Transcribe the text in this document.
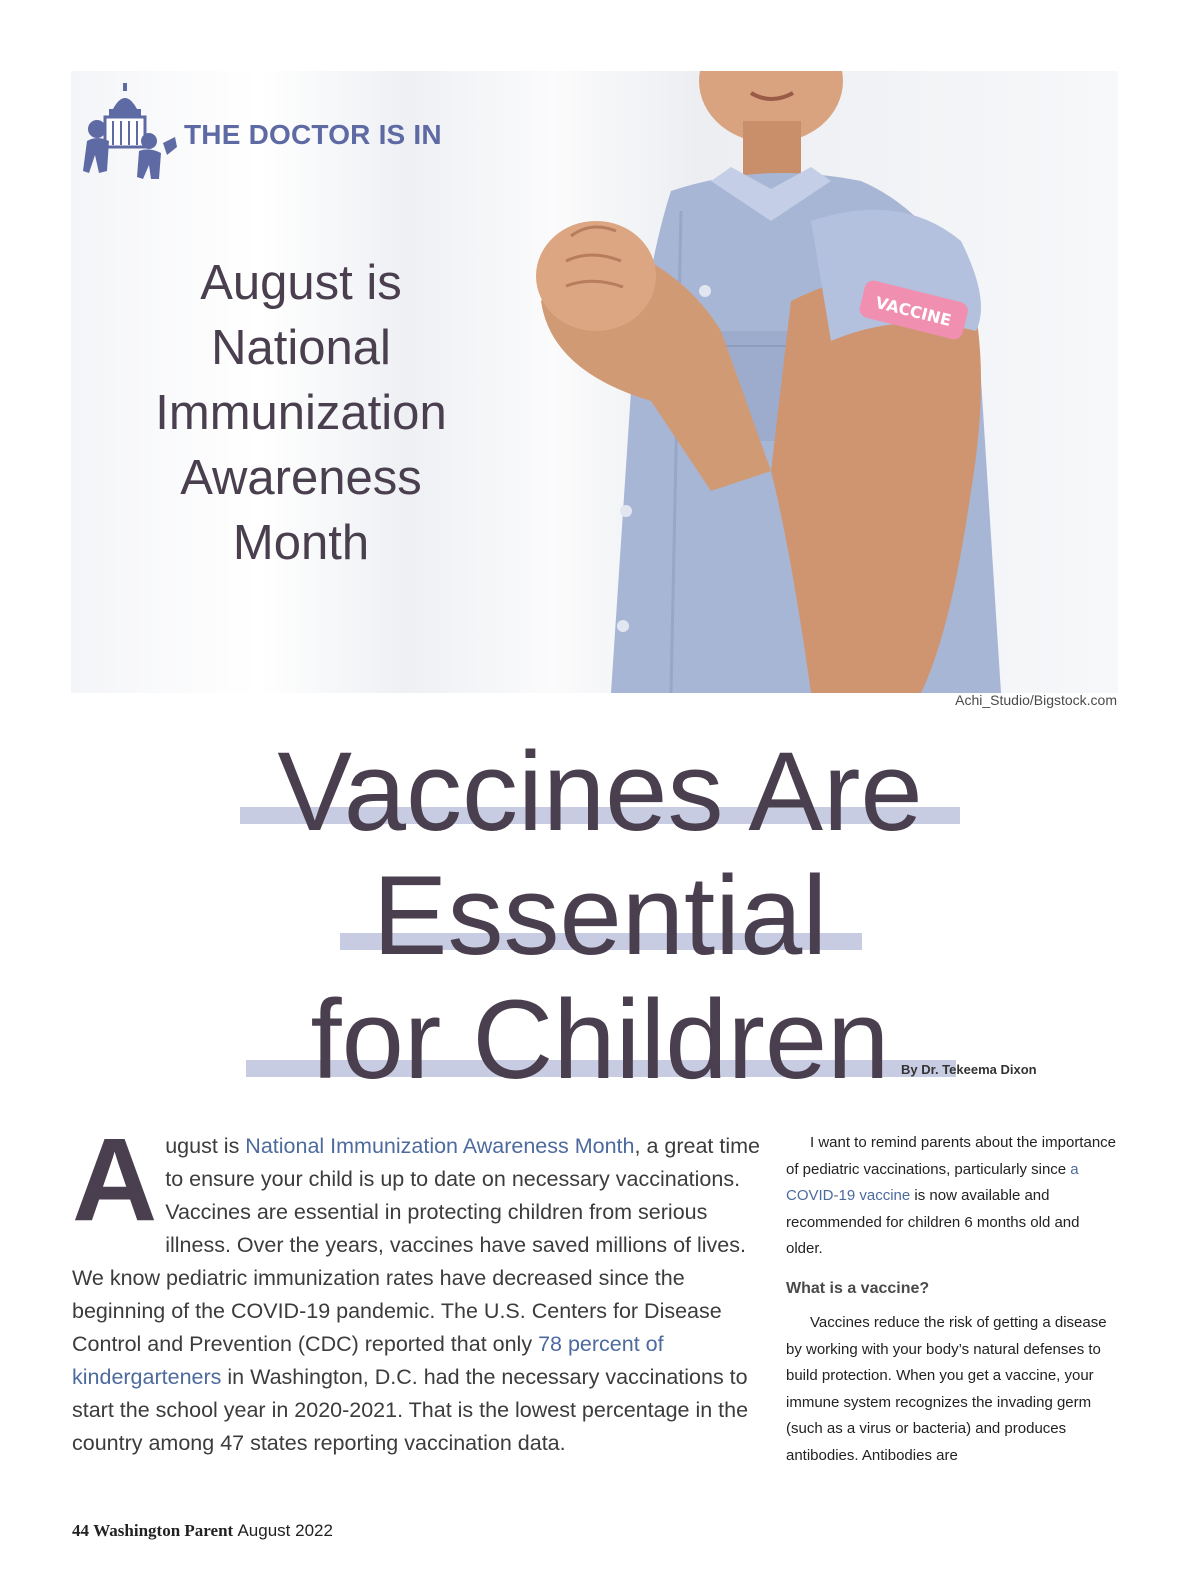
VACCINE
THE DOCTOR IS IN

August is
National
Immunization
Awareness
Month

Achi_Studio/Bigstock.com
Vaccines Are
Essential
for Children By Dr. Tekeema Dixon
A ugust is National Immunization Awareness Month, a great time to ensure your child is up to date on necessary vaccinations. Vaccines are essential in protecting children from serious illness. Over the years, vaccines have saved millions of lives. We know pediatric immunization rates have decreased since the beginning of the COVID-19 pandemic. The U.S. Centers for Disease Control and Prevention (CDC) reported that only 78 percent of kindergarteners in Washington, D.C. had the necessary vaccinations to start the school year in 2020-2021. That is the lowest percentage in the country among 47 states reporting vaccination data.

I want to remind parents about the importance of pediatric vaccinations, particularly since a COVID-19 vaccine is now available and recommended for children 6 months old and older.

What is a vaccine?

Vaccines reduce the risk of getting a disease by working with your body’s natural defenses to build protection. When you get a vaccine, your immune system recognizes the invading germ (such as a virus or bacteria) and produces antibodies. Antibodies are

44 Washington Parent August 2022
